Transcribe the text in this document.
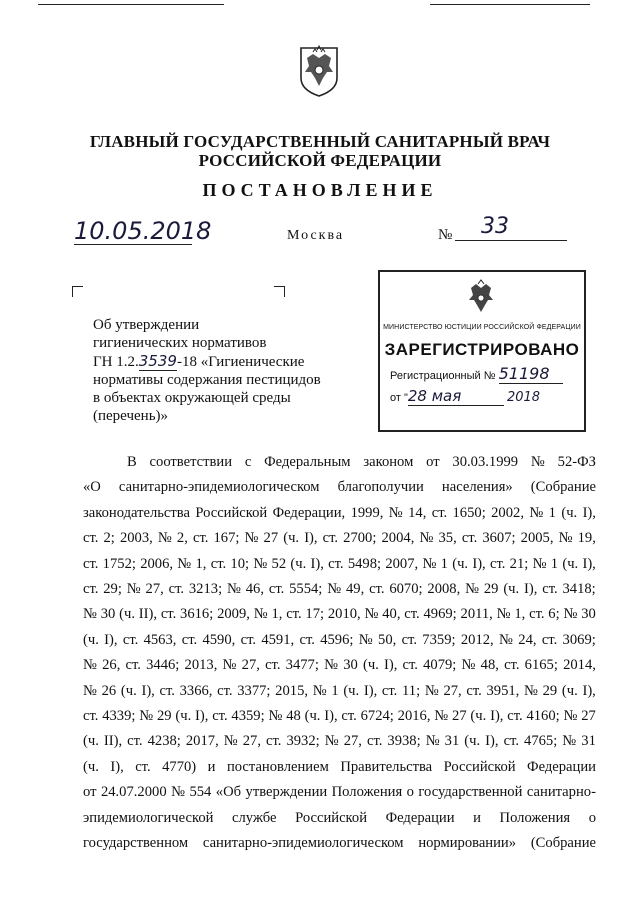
ГЛАВНЫЙ ГОСУДАРСТВЕННЫЙ САНИТАРНЫЙ ВРАЧ
РОССИЙСКОЙ ФЕДЕРАЦИИ
ПОСТАНОВЛЕНИЕ
10.05.2018	Москва	№	33
Об утверждении
гигиенических нормативов
ГН 1.2.3539-18 «Гигиенические
нормативы содержания пестицидов
в объектах окружающей среды
(перечень)»
МИНИСТЕРСТВО ЮСТИЦИИ РОССИЙСКОЙ ФЕДЕРАЦИИ
ЗАРЕГИСТРИРОВАНО
Регистрационный № 51198
от "28 мая	2018
В соответствии с Федеральным законом от 30.03.1999 № 52-ФЗ
«О санитарно-эпидемиологическом благополучии населения» (Собрание
законодательства Российской Федерации, 1999, № 14, ст. 1650; 2002, № 1 (ч. I),
ст. 2; 2003, № 2, ст. 167; № 27 (ч. I), ст. 2700; 2004, № 35, ст. 3607; 2005, № 19,
ст. 1752; 2006, № 1, ст. 10; № 52 (ч. I), ст. 5498; 2007, № 1 (ч. I), ст. 21; № 1 (ч. I),
ст. 29; № 27, ст. 3213; № 46, ст. 5554; № 49, ст. 6070; 2008, № 29 (ч. I), ст. 3418;
№ 30 (ч. II), ст. 3616; 2009, № 1, ст. 17; 2010, № 40, ст. 4969; 2011, № 1, ст. 6; № 30
(ч. I), ст. 4563, ст. 4590, ст. 4591, ст. 4596; № 50, ст. 7359; 2012, № 24, ст. 3069;
№ 26, ст. 3446; 2013, № 27, ст. 3477; № 30 (ч. I), ст. 4079; № 48, ст. 6165; 2014,
№ 26 (ч. I), ст. 3366, ст. 3377; 2015, № 1 (ч. I), ст. 11; № 27, ст. 3951, № 29 (ч. I),
ст. 4339; № 29 (ч. I), ст. 4359; № 48 (ч. I), ст. 6724; 2016, № 27 (ч. I), ст. 4160; № 27
(ч. II), ст. 4238; 2017, № 27, ст. 3932; № 27, ст. 3938; № 31 (ч. I), ст. 4765; № 31
(ч. I), ст. 4770) и постановлением Правительства Российской Федерации
от 24.07.2000 № 554 «Об утверждении Положения о государственной санитарно-
эпидемиологической службе Российской Федерации и Положения о
государственном санитарно-эпидемиологическом нормировании» (Собрание
